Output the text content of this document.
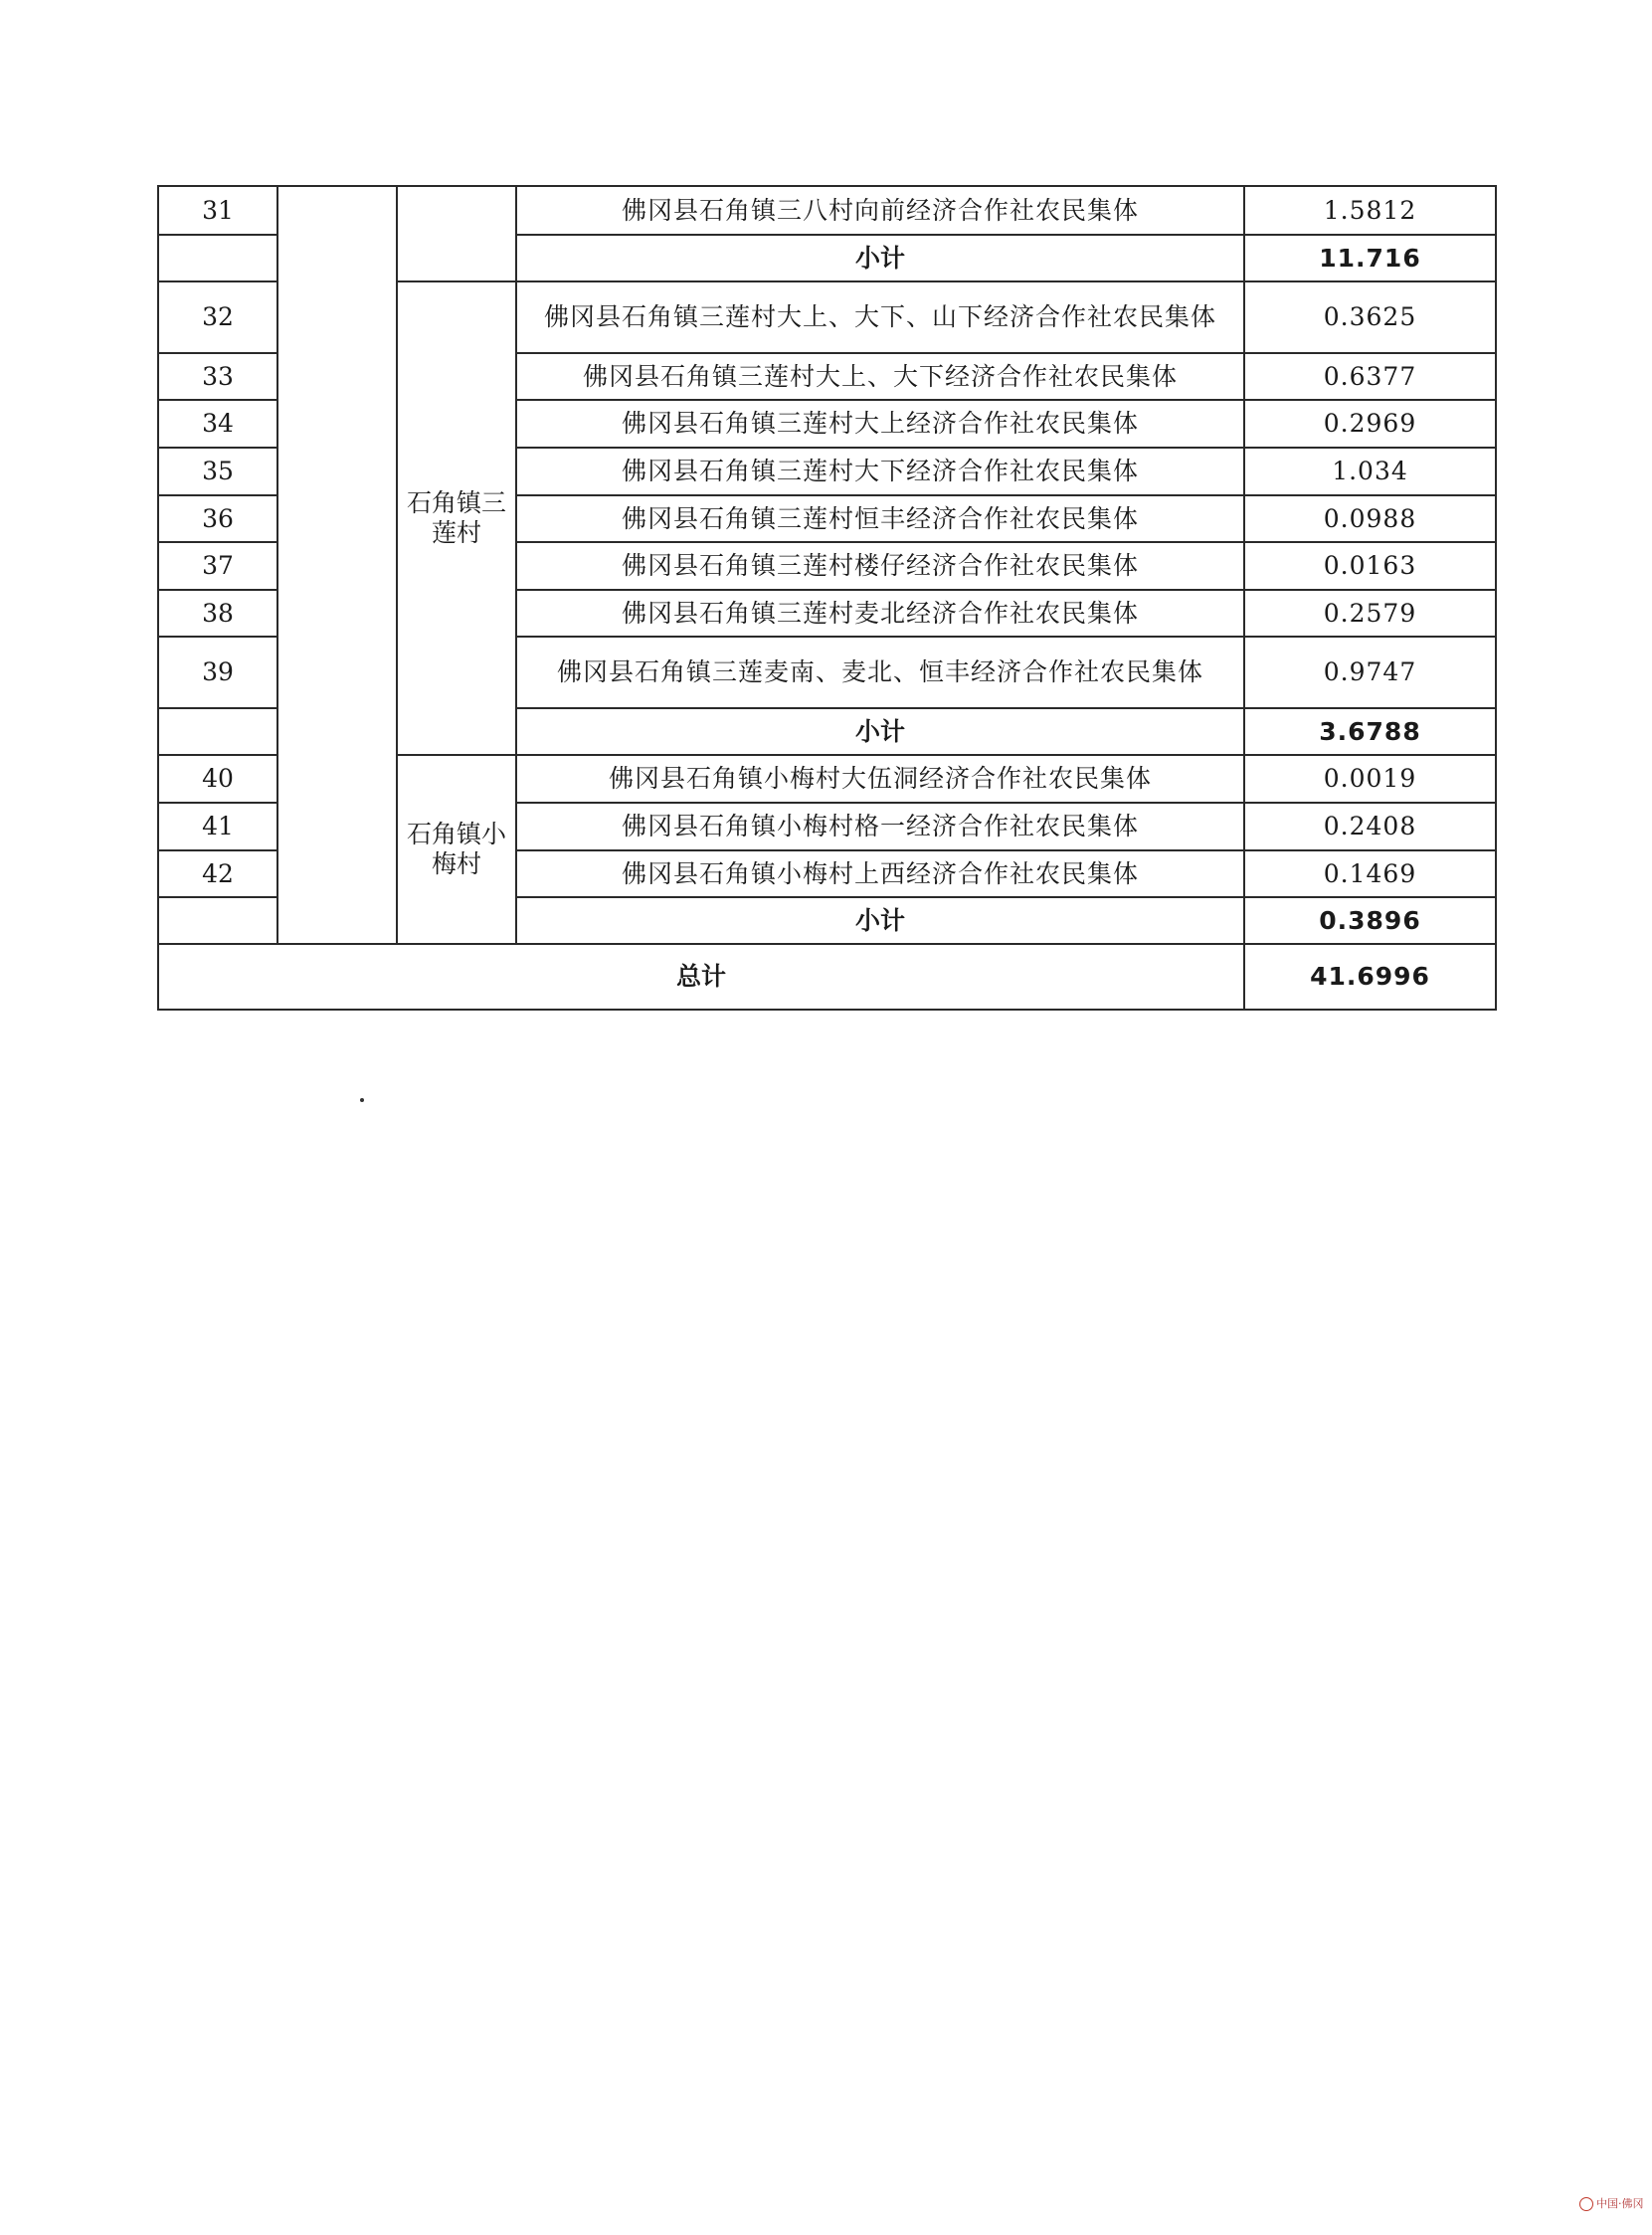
31			佛冈县石角镇三八村向前经济合作社农民集体	1.5812
			小计	11.716
32		石角镇三莲村	佛冈县石角镇三莲村大上、大下、山下经济合作社农民集体	0.3625
33			佛冈县石角镇三莲村大上、大下经济合作社农民集体	0.6377
34			佛冈县石角镇三莲村大上经济合作社农民集体	0.2969
35			佛冈县石角镇三莲村大下经济合作社农民集体	1.034
36			佛冈县石角镇三莲村恒丰经济合作社农民集体	0.0988
37			佛冈县石角镇三莲村楼仔经济合作社农民集体	0.0163
38			佛冈县石角镇三莲村麦北经济合作社农民集体	0.2579
39			佛冈县石角镇三莲麦南、麦北、恒丰经济合作社农民集体	0.9747
			小计	3.6788
40		石角镇小梅村	佛冈县石角镇小梅村大伍洞经济合作社农民集体	0.0019
41			佛冈县石角镇小梅村格一经济合作社农民集体	0.2408
42			佛冈县石角镇小梅村上西经济合作社农民集体	0.1469
			小计	0.3896
总计				41.6996
中国·佛冈
